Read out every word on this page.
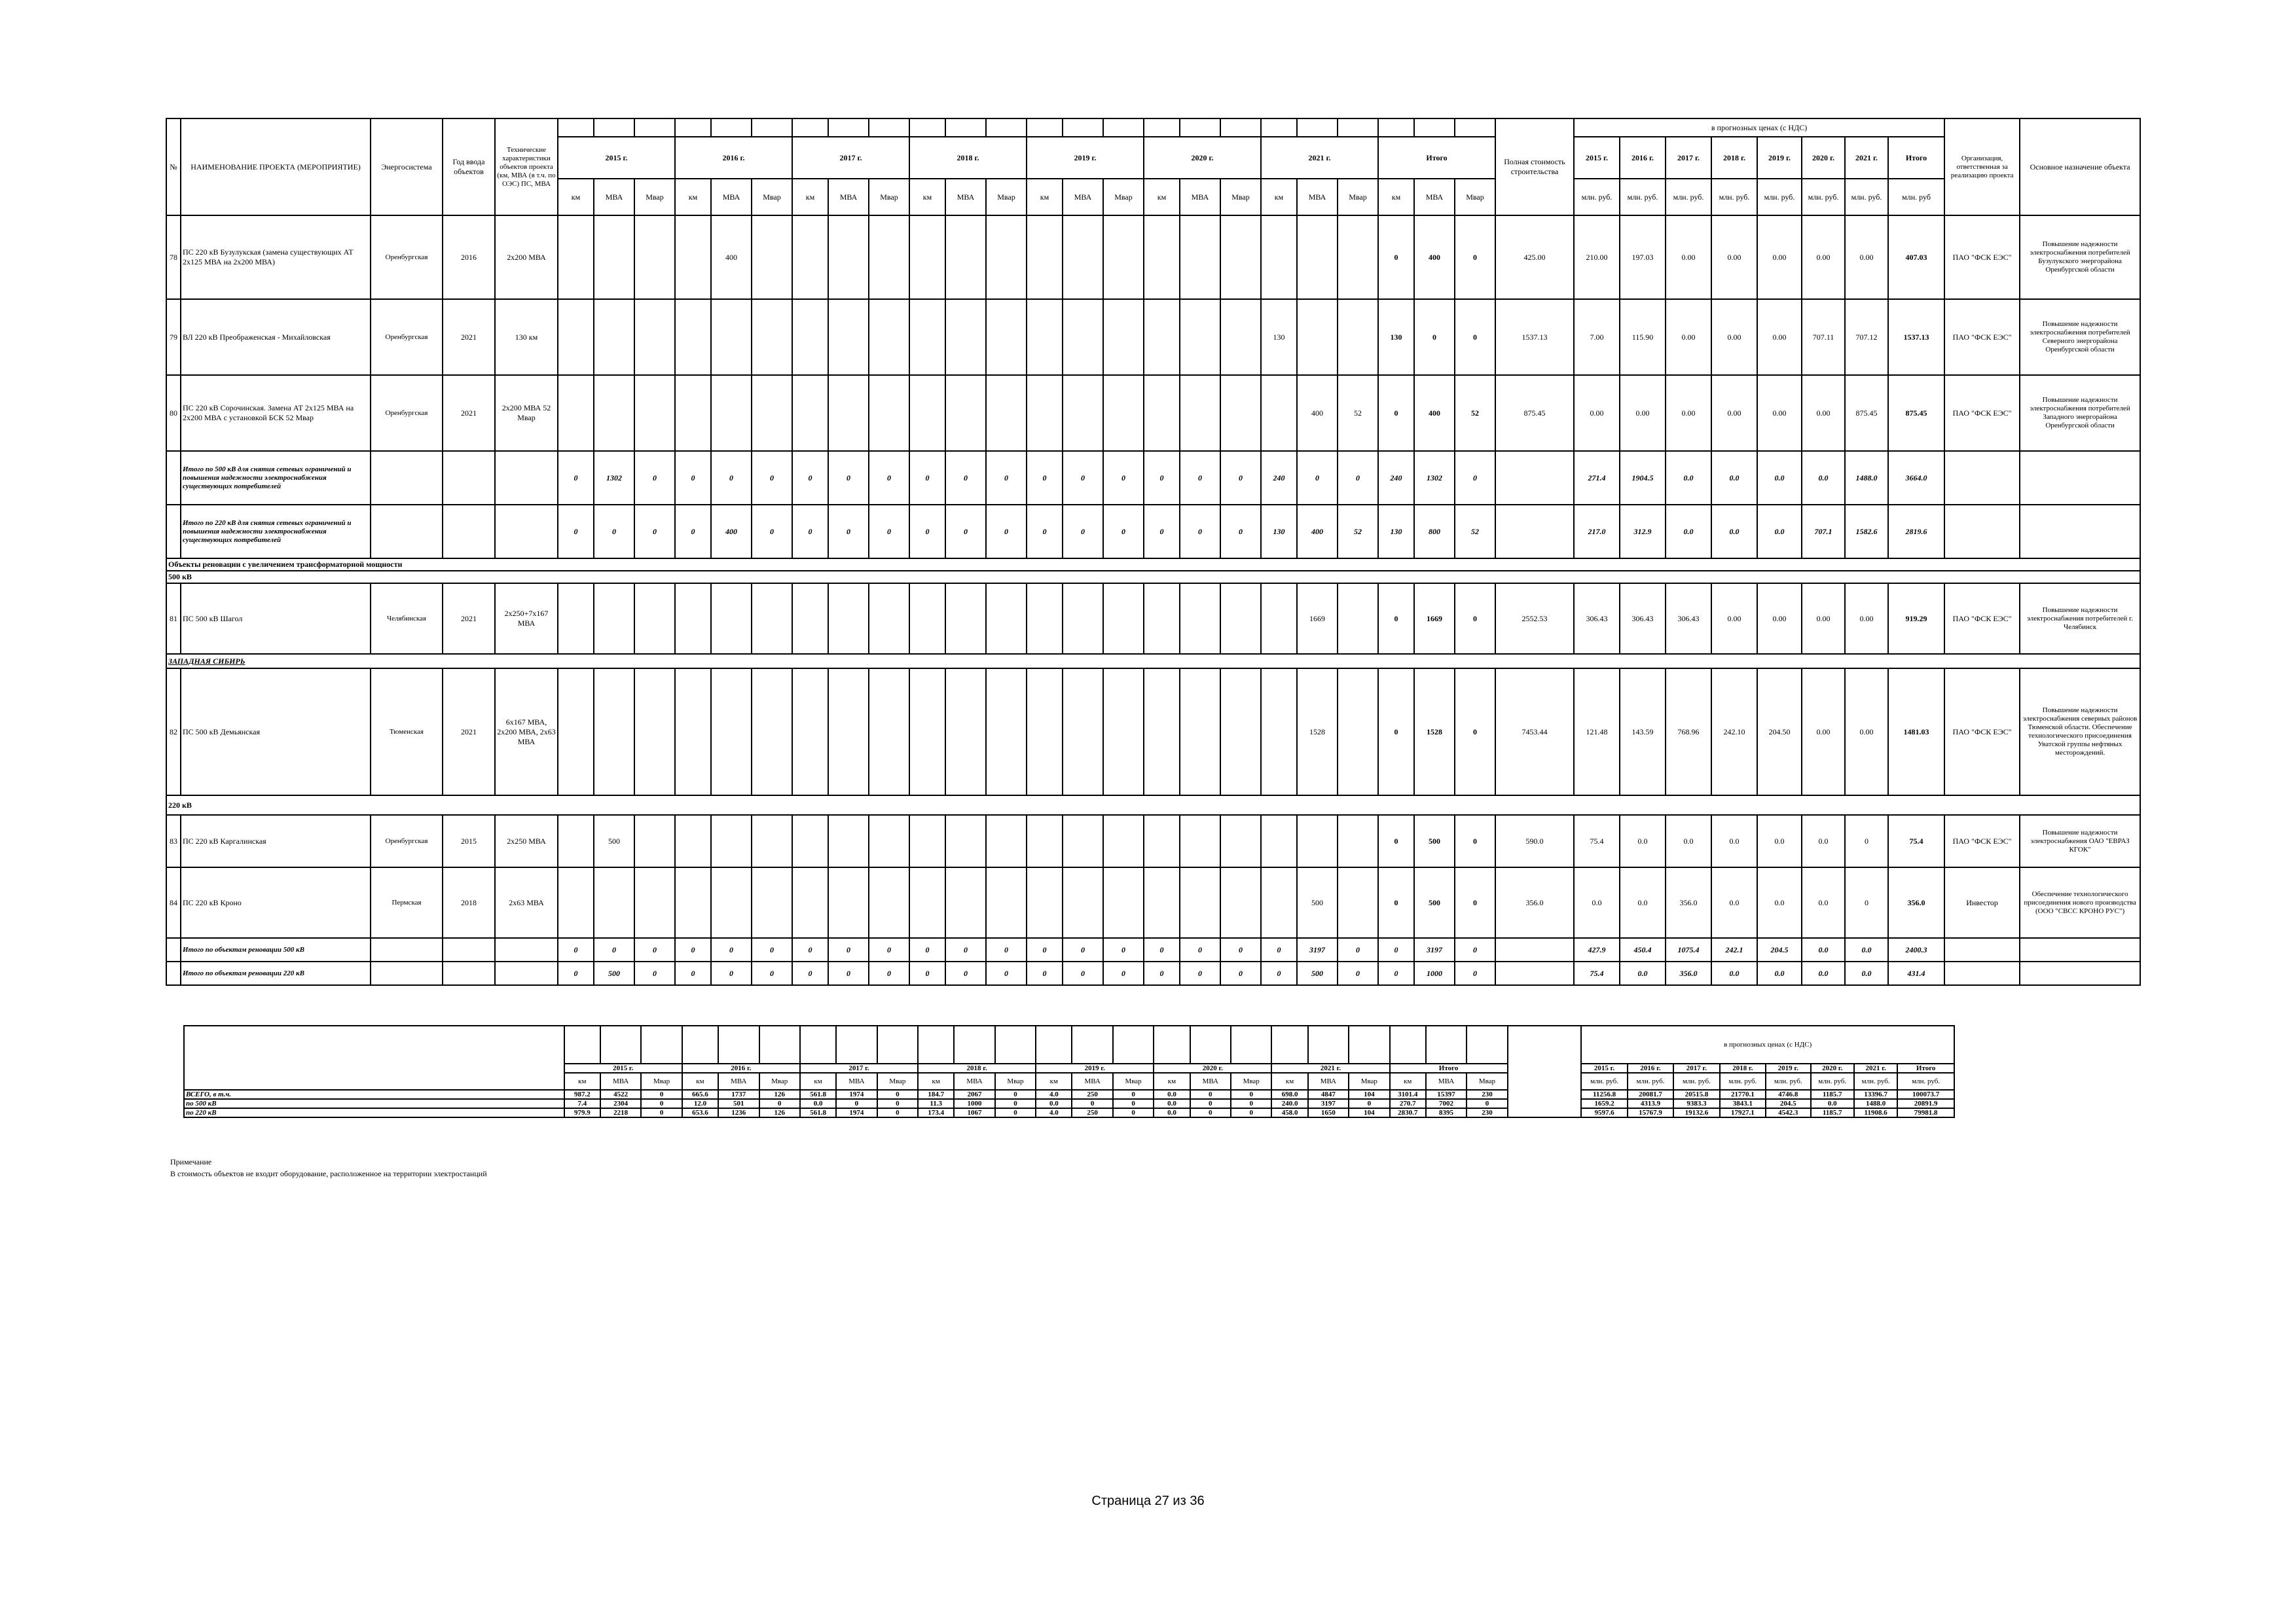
№	НАИМЕНОВАНИЕ ПРОЕКТА (МЕРОПРИЯТИЕ)	Энергосистема	Год ввода объектов	Технические характеристики объектов проекта (км, МВА (в т.ч. по ОЭС) ПС, МВА																									Полная стоимость строительства	в прогнозных ценах (с НДС)								Организация, ответственная за реализацию проекта	Основное назначение объекта
					2015 г.			2016 г.			2017 г.			2018 г.			2019 г.			2020 г.			2021 г.			Итого				2015 г.	2016 г.	2017 г.	2018 г.	2019 г.	2020 г.	2021 г.	Итого		
					км	МВА	Мвар	км	МВА	Мвар	км	МВА	Мвар	км	МВА	Мвар	км	МВА	Мвар	км	МВА	Мвар	км	МВА	Мвар	км	МВА	Мвар		млн. руб.	млн. руб.	млн. руб.	млн. руб.	млн. руб.	млн. руб.	млн. руб.	млн. руб		
78	ПС 220 кВ Бузулукская (замена существующих АТ 2х125 МВА на 2х200 МВА)	Оренбургская	2016	2х200 МВА					400																	0	400	0	425.00	210.00	197.03	0.00	0.00	0.00	0.00	0.00	407.03	ПАО "ФСК ЕЭС"	Повышение надежности электроснабжения потребителей Бузулукского энергорайона Оренбургской области
79	ВЛ 220 кВ Преображенская - Михайловская	Оренбургская	2021	130 км																			130			130	0	0	1537.13	7.00	115.90	0.00	0.00	0.00	707.11	707.12	1537.13	ПАО "ФСК ЕЭС"	Повышение надежности электроснабжения потребителей Северного энергорайона Оренбургской области
80	ПС 220 кВ Сорочинская. Замена АТ 2х125 МВА на 2х200 МВА с установкой БСК 52 Мвар	Оренбургская	2021	2х200 МВА 52 Мвар																				400	52	0	400	52	875.45	0.00	0.00	0.00	0.00	0.00	0.00	875.45	875.45	ПАО "ФСК ЕЭС"	Повышение надежности электроснабжения потребителей Западного энергорайона Оренбургской области
	Итого по 500 кВ для снятия сетевых ограничений и повышения надежности электроснабжения существующих потребителей				0	1302	0	0	0	0	0	0	0	0	0	0	0	0	0	0	0	0	240	0	0	240	1302	0		271.4	1904.5	0.0	0.0	0.0	0.0	1488.0	3664.0		
	Итого по 220 кВ для снятия сетевых ограничений и повышения надежности электроснабжения существующих потребителей				0	0	0	0	400	0	0	0	0	0	0	0	0	0	0	0	0	0	130	400	52	130	800	52		217.0	312.9	0.0	0.0	0.0	707.1	1582.6	2819.6		
Объекты реновации с увеличением трансформаторной мощности																																							
500 кВ																																							
81	ПС 500 кВ Шагол	Челябинская	2021	2х250+7х167 МВА																				1669		0	1669	0	2552.53	306.43	306.43	306.43	0.00	0.00	0.00	0.00	919.29	ПАО "ФСК ЕЭС"	Повышение надежности электроснабжения потребителей г. Челябинск
ЗАПАДНАЯ СИБИРЬ																																							
82	ПС 500 кВ Демьянская	Тюменская	2021	6х167 МВА, 2х200 МВА, 2х63 МВА																				1528		0	1528	0	7453.44	121.48	143.59	768.96	242.10	204.50	0.00	0.00	1481.03	ПАО "ФСК ЕЭС"	Повышение надежности электроснабжения северных районов Тюменской области. Обеспечение технологического присоединения Уватской группы нефтяных месторождений.
220 кВ																																							
83	ПС 220 кВ Каргалинская	Оренбургская	2015	2х250 МВА		500																				0	500	0	590.0	75.4	0.0	0.0	0.0	0.0	0.0	0	75.4	ПАО "ФСК ЕЭС"	Повышение надежности электроснабжения ОАО "ЕВРАЗ КГОК"
84	ПС 220 кВ Кроно	Пермская	2018	2х63 МВА																				500		0	500	0	356.0	0.0	0.0	356.0	0.0	0.0	0.0	0	356.0	Инвестор	Обеспечение технологического присоединения нового производства (ООО "СВСС КРОНО РУС")
	Итого по объектам реновации 500 кВ				0	0	0	0	0	0	0	0	0	0	0	0	0	0	0	0	0	0	0	3197	0	0	3197	0		427.9	450.4	1075.4	242.1	204.5	0.0	0.0	2400.3		
	Итого по объектам реновации 220 кВ				0	500	0	0	0	0	0	0	0	0	0	0	0	0	0	0	0	0	0	500	0	0	1000	0		75.4	0.0	356.0	0.0	0.0	0.0	0.0	431.4		
																										в прогнозных ценах (с НДС)							
	2015 г.			2016 г.			2017 г.			2018 г.			2019 г.			2020 г.			2021 г.			Итого				2015 г.	2016 г.	2017 г.	2018 г.	2019 г.	2020 г.	2021 г.	Итого
	км	МВА	Мвар	км	МВА	Мвар	км	МВА	Мвар	км	МВА	Мвар	км	МВА	Мвар	км	МВА	Мвар	км	МВА	Мвар	км	МВА	Мвар		млн. руб.	млн. руб.	млн. руб.	млн. руб.	млн. руб.	млн. руб.	млн. руб.	млн. руб.
ВСЕГО, в т.ч.	987.2	4522	0	665.6	1737	126	561.8	1974	0	184.7	2067	0	4.0	250	0	0.0	0	0	698.0	4847	104	3101.4	15397	230		11256.8	20081.7	20515.8	21770.1	4746.8	1185.7	13396.7	100073.7
по 500 кВ	7.4	2304	0	12.0	501	0	0.0	0	0	11.3	1000	0	0.0	0	0	0.0	0	0	240.0	3197	0	270.7	7002	0		1659.2	4313.9	9383.3	3843.1	204.5	0.0	1488.0	20891.9
по 220 кВ	979.9	2218	0	653.6	1236	126	561.8	1974	0	173.4	1067	0	4.0	250	0	0.0	0	0	458.0	1650	104	2830.7	8395	230		9597.6	15767.9	19132.6	17927.1	4542.3	1185.7	11908.6	79981.8
Примечание
В стоимость объектов не входит оборудование, расположенное на территории электростанций
Страница 27 из 36
